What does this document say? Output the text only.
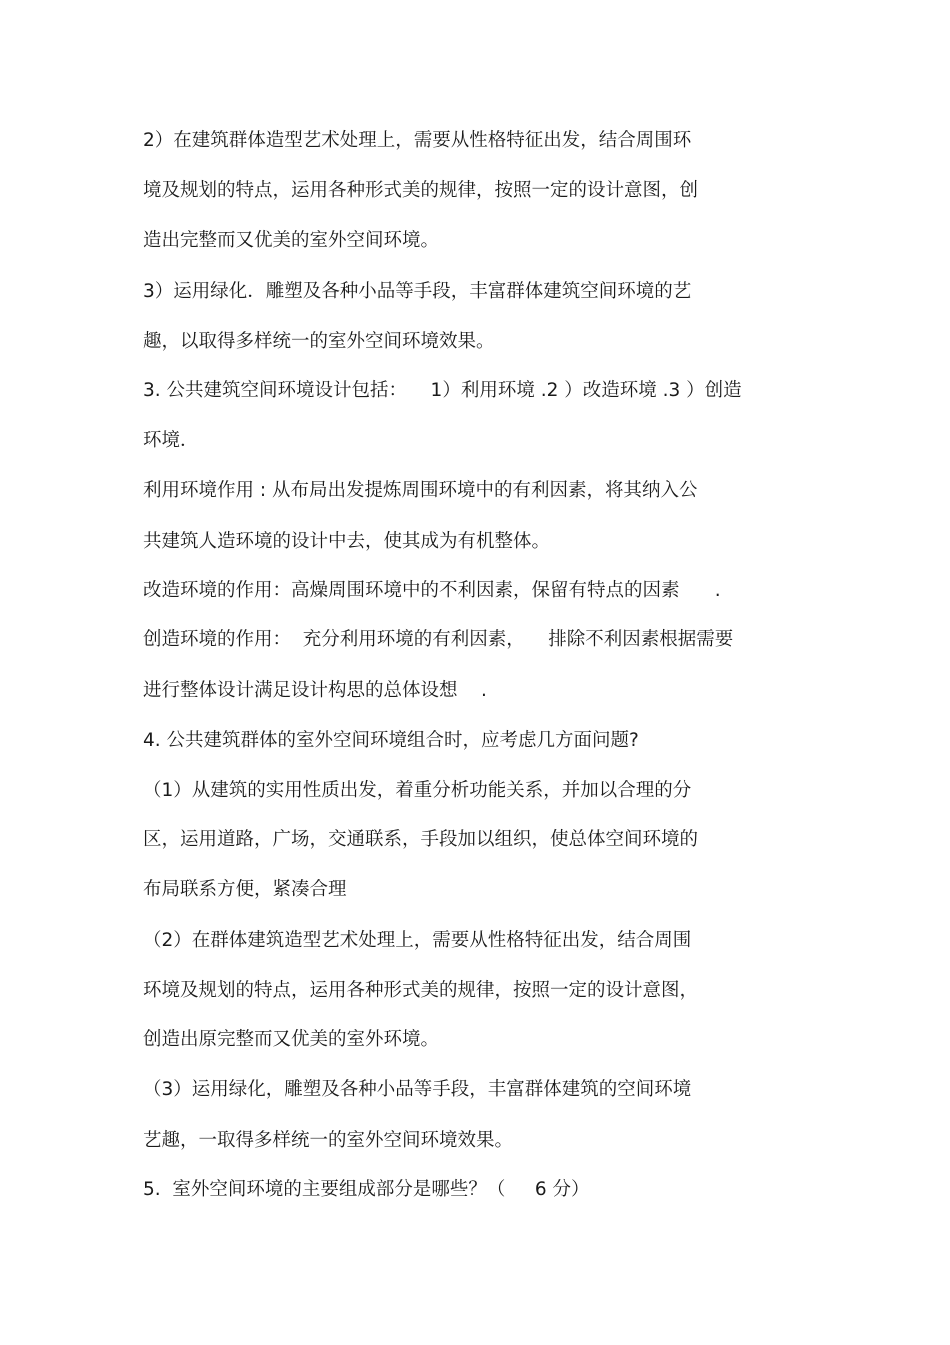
2）在建筑群体造型艺术处理上，需要从性格特征出发，结合周围环

境及规划的特点，运用各种形式美的规律，按照一定的设计意图，创

造出完整而又优美的室外空间环境。

3）运用绿化．雕塑及各种小品等手段，丰富群体建筑空间环境的艺

趣，以取得多样统一的室外空间环境效果。

3. 公共建筑空间环境设计包括：    1）利用环境 .2 ）改造环境 .3 ）创造

环境．

利用环境作用 : 从布局出发提炼周围环境中的有利因素，将其纳入公

共建筑人造环境的设计中去，使其成为有机整体。

改造环境的作用：高燥周围环境中的不利因素，保留有特点的因素      .

创造环境的作用：  充分利用环境的有利因素，    排除不利因素根据需要

进行整体设计满足设计构思的总体设想    .

4. 公共建筑群体的室外空间环境组合时，应考虑几方面问题?

（1）从建筑的实用性质出发，着重分析功能关系，并加以合理的分

区，运用道路，广场，交通联系，手段加以组织，使总体空间环境的

布局联系方便，紧凑合理

（2）在群体建筑造型艺术处理上，需要从性格特征出发，结合周围

环境及规划的特点，运用各种形式美的规律，按照一定的设计意图，

创造出原完整而又优美的室外环境。

（3）运用绿化，雕塑及各种小品等手段，丰富群体建筑的空间环境

艺趣，一取得多样统一的室外空间环境效果。

5.  室外空间环境的主要组成部分是哪些？（     6 分）
